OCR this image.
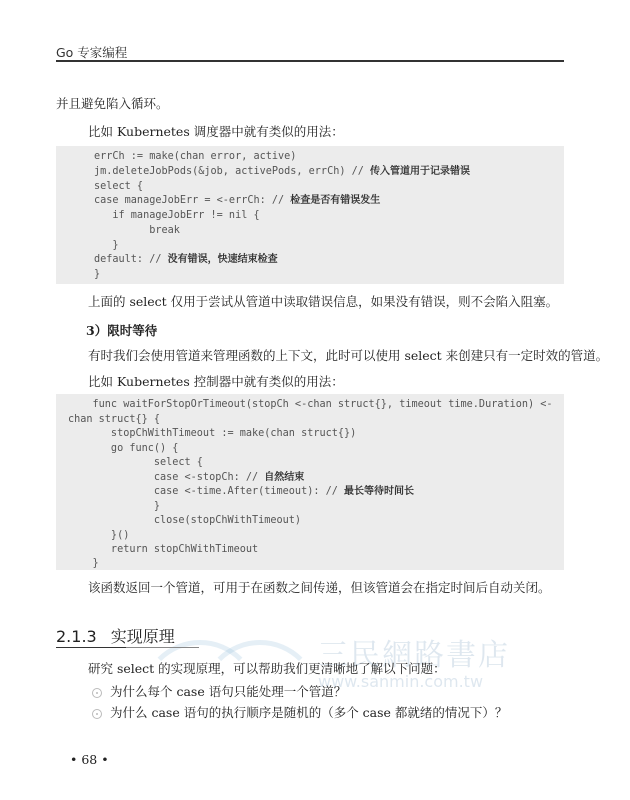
Go 专家编程
并且避免陷入循环。
比如 Kubernetes 调度器中就有类似的用法：
errCh := make(chan error, active)
jm.deleteJobPods(&job, activePods, errCh) // 传入管道用于记录错误
select {
case manageJobErr = <-errCh: // 检查是否有错误发生
if manageJobErr != nil {
break
}
default: // 没有错误，快速结束检查
}
上面的 select 仅用于尝试从管道中读取错误信息，如果没有错误，则不会陷入阻塞。
3）限时等待
有时我们会使用管道来管理函数的上下文，此时可以使用 select 来创建只有一定时效的管道。
比如 Kubernetes 控制器中就有类似的用法：
func waitForStopOrTimeout(stopCh <-chan struct{}, timeout time.Duration) <-
chan struct{} {
stopChWithTimeout := make(chan struct{})
go func() {
select {
case <-stopCh: // 自然结束
case <-time.After(timeout): // 最长等待时间长
}
close(stopChWithTimeout)
}()
return stopChWithTimeout
}
该函数返回一个管道，可用于在函数之间传递，但该管道会在指定时间后自动关闭。
三民網路書店
www.sanmin.com.tw
2.1.3 实现原理
研究 select 的实现原理，可以帮助我们更清晰地了解以下问题：
为什么每个 case 语句只能处理一个管道？
为什么 case 语句的执行顺序是随机的（多个 case 都就绪的情况下）？
• 68 •
